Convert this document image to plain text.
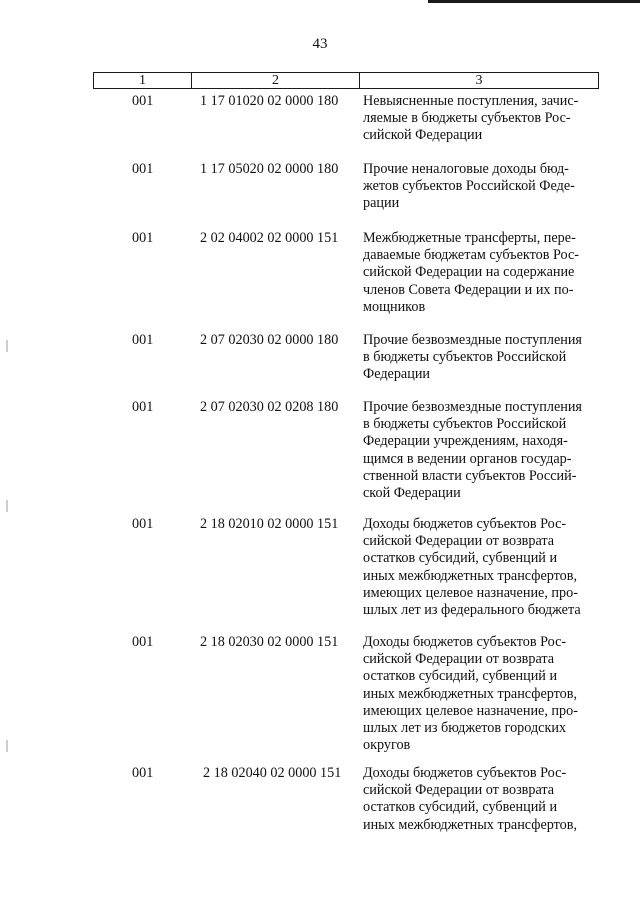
43
1	2	3
001	1 17 01020 02 0000 180 Невыясненные поступления, зачис-
ляемые в бюджеты субъектов Рос-
сийской Федерации
001	1 17 05020 02 0000 180 Прочие неналоговые доходы бюд-
жетов субъектов Российской Феде-
рации
001	2 02 04002 02 0000 151 Межбюджетные трансферты, пере-
даваемые бюджетам субъектов Рос-
сийской Федерации на содержание
членов Совета Федерации и их по-
мощников
001	2 07 02030 02 0000 180 Прочие безвозмездные поступления
в бюджеты субъектов Российской
Федерации
001	2 07 02030 02 0208 180 Прочие безвозмездные поступления
в бюджеты субъектов Российской
Федерации учреждениям, находя-
щимся в ведении органов государ-
ственной власти субъектов Россий-
ской Федерации
001	2 18 02010 02 0000 151 Доходы бюджетов субъектов Рос-
сийской Федерации от возврата
остатков субсидий, субвенций и
иных межбюджетных трансфертов,
имеющих целевое назначение, про-
шлых лет из федерального бюджета
001	2 18 02030 02 0000 151 Доходы бюджетов субъектов Рос-
сийской Федерации от возврата
остатков субсидий, субвенций и
иных межбюджетных трансфертов,
имеющих целевое назначение, про-
шлых лет из бюджетов городских
округов
001	2 18 02040 02 0000 151 Доходы бюджетов субъектов Рос-
сийской Федерации от возврата
остатков субсидий, субвенций и
иных межбюджетных трансфертов,
